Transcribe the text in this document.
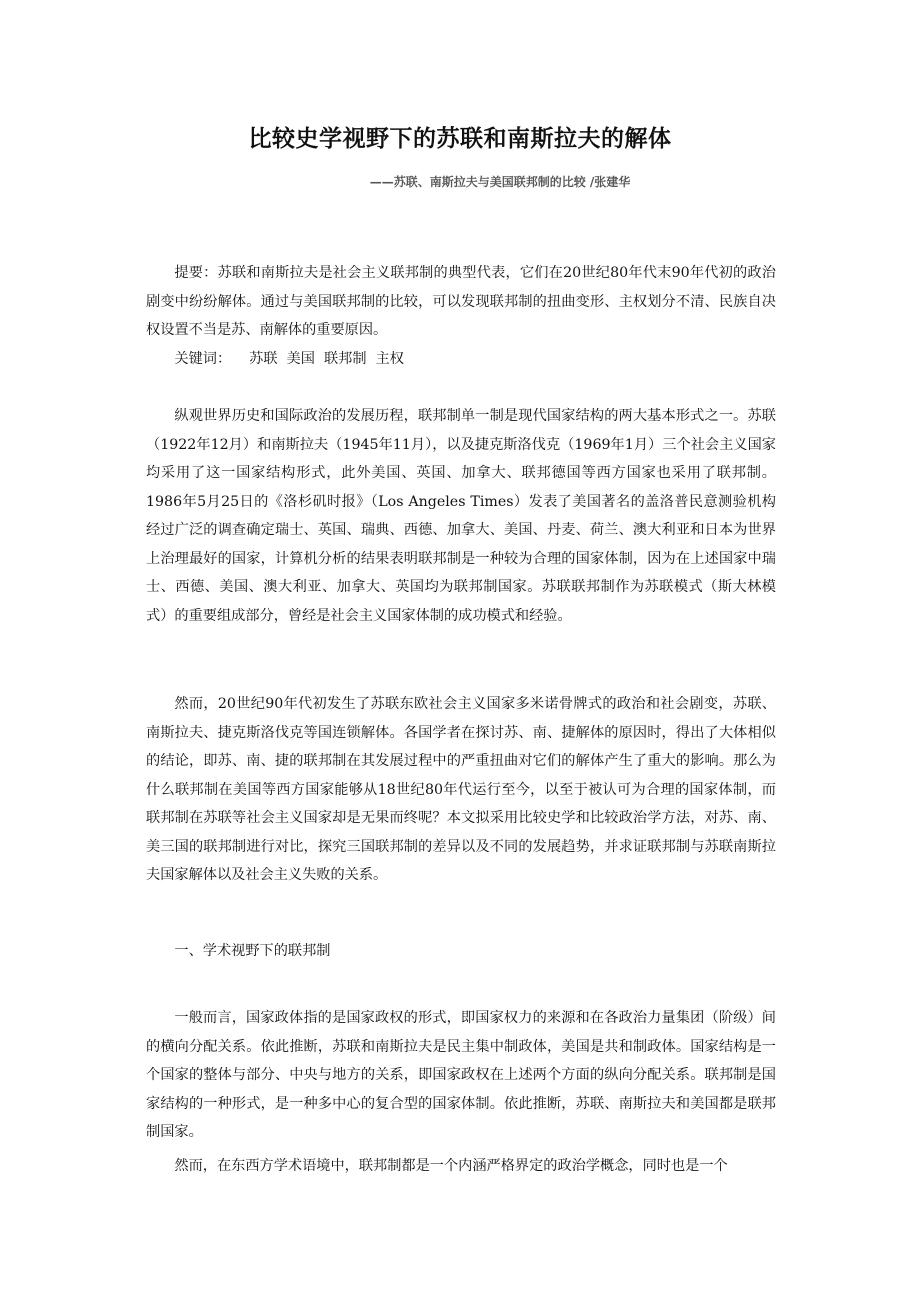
比较史学视野下的苏联和南斯拉夫的解体
——苏联、南斯拉夫与美国联邦制的比较 /张建华

提要：苏联和南斯拉夫是社会主义联邦制的典型代表，它们在20世纪80年代末90年代初的政治剧变中纷纷解体。通过与美国联邦制的比较，可以发现联邦制的扭曲变形、主权划分不清、民族自决权设置不当是苏、南解体的重要原因。

关键词： 苏联  美国  联邦制  主权

纵观世界历史和国际政治的发展历程，联邦制单一制是现代国家结构的两大基本形式之一。苏联（1922年12月）和南斯拉夫（1945年11月），以及捷克斯洛伐克（1969年1月）三个社会主义国家均采用了这一国家结构形式，此外美国、英国、加拿大、联邦德国等西方国家也采用了联邦制。1986年5月25日的《洛杉矶时报》（Los Angeles Times）发表了美国著名的盖洛普民意测验机构经过广泛的调查确定瑞士、英国、瑞典、西德、加拿大、美国、丹麦、荷兰、澳大利亚和日本为世界上治理最好的国家，计算机分析的结果表明联邦制是一种较为合理的国家体制，因为在上述国家中瑞士、西德、美国、澳大利亚、加拿大、英国均为联邦制国家。苏联联邦制作为苏联模式（斯大林模式）的重要组成部分，曾经是社会主义国家体制的成功模式和经验。

然而，20世纪90年代初发生了苏联东欧社会主义国家多米诺骨牌式的政治和社会剧变，苏联、南斯拉夫、捷克斯洛伐克等国连锁解体。各国学者在探讨苏、南、捷解体的原因时，得出了大体相似的结论，即苏、南、捷的联邦制在其发展过程中的严重扭曲对它们的解体产生了重大的影响。那么为什么联邦制在美国等西方国家能够从18世纪80年代运行至今，以至于被认可为合理的国家体制，而联邦制在苏联等社会主义国家却是无果而终呢？本文拟采用比较史学和比较政治学方法，对苏、南、美三国的联邦制进行对比，探究三国联邦制的差异以及不同的发展趋势，并求证联邦制与苏联南斯拉夫国家解体以及社会主义失败的关系。

一、学术视野下的联邦制

一般而言，国家政体指的是国家政权的形式，即国家权力的来源和在各政治力量集团（阶级）间的横向分配关系。依此推断，苏联和南斯拉夫是民主集中制政体，美国是共和制政体。国家结构是一个国家的整体与部分、中央与地方的关系，即国家政权在上述两个方面的纵向分配关系。联邦制是国家结构的一种形式，是一种多中心的复合型的国家体制。依此推断，苏联、南斯拉夫和美国都是联邦制国家。

然而，在东西方学术语境中，联邦制都是一个内涵严格界定的政治学概念，同时也是一个
